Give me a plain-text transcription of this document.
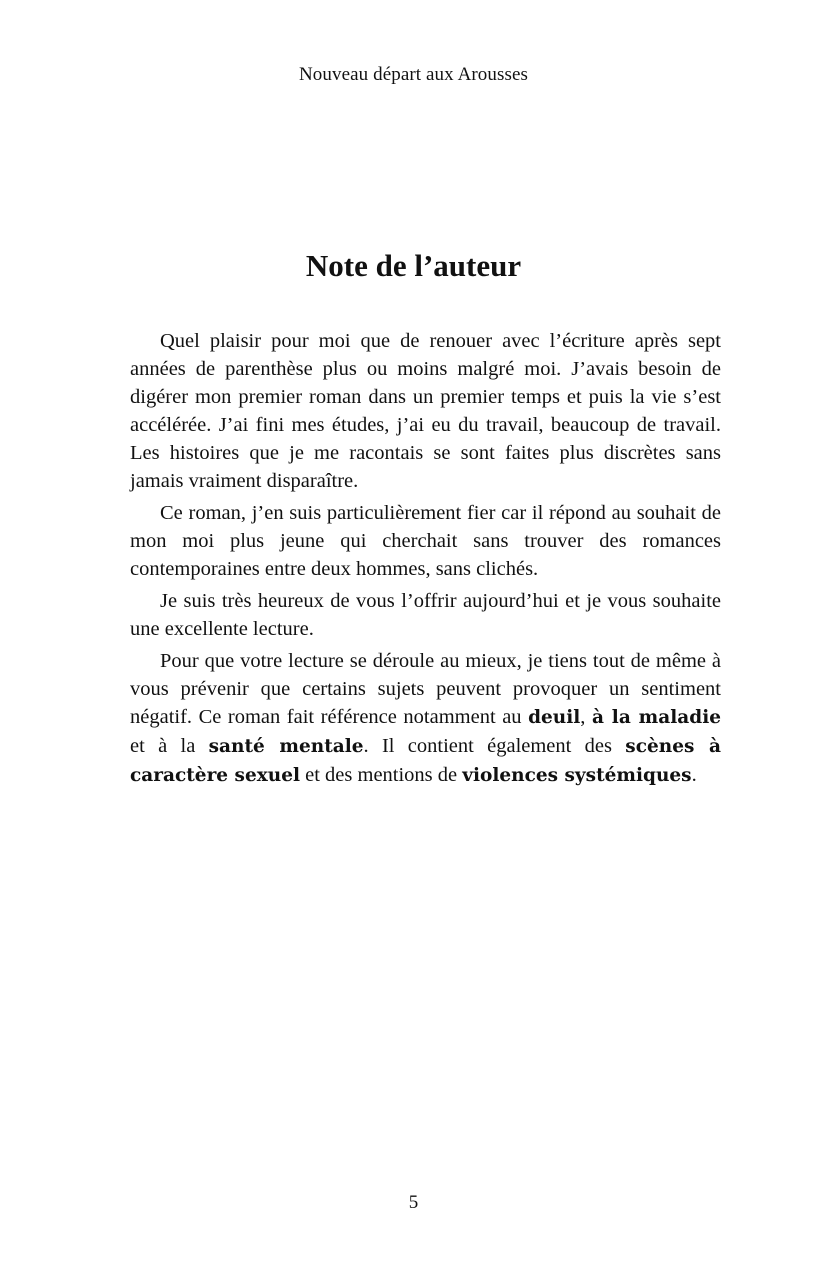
Nouveau départ aux Arousses
Note de l’auteur

Quel plaisir pour moi que de renouer avec l’écriture après sept années de parenthèse plus ou moins malgré moi. J’avais besoin de digérer mon premier roman dans un premier temps et puis la vie s’est accélérée. J’ai fini mes études, j’ai eu du travail, beaucoup de travail. Les histoires que je me racontais se sont faites plus discrètes sans jamais vraiment disparaître.

Ce roman, j’en suis particulièrement fier car il répond au souhait de mon moi plus jeune qui cherchait sans trouver des romances contemporaines entre deux hommes, sans clichés.

Je suis très heureux de vous l’offrir aujourd’hui et je vous souhaite une excellente lecture.

Pour que votre lecture se déroule au mieux, je tiens tout de même à vous prévenir que certains sujets peuvent provoquer un sentiment négatif. Ce roman fait référence notamment au deuil, à la maladie et à la santé mentale. Il contient également des scènes à caractère sexuel et des mentions de violences systémiques.

5
